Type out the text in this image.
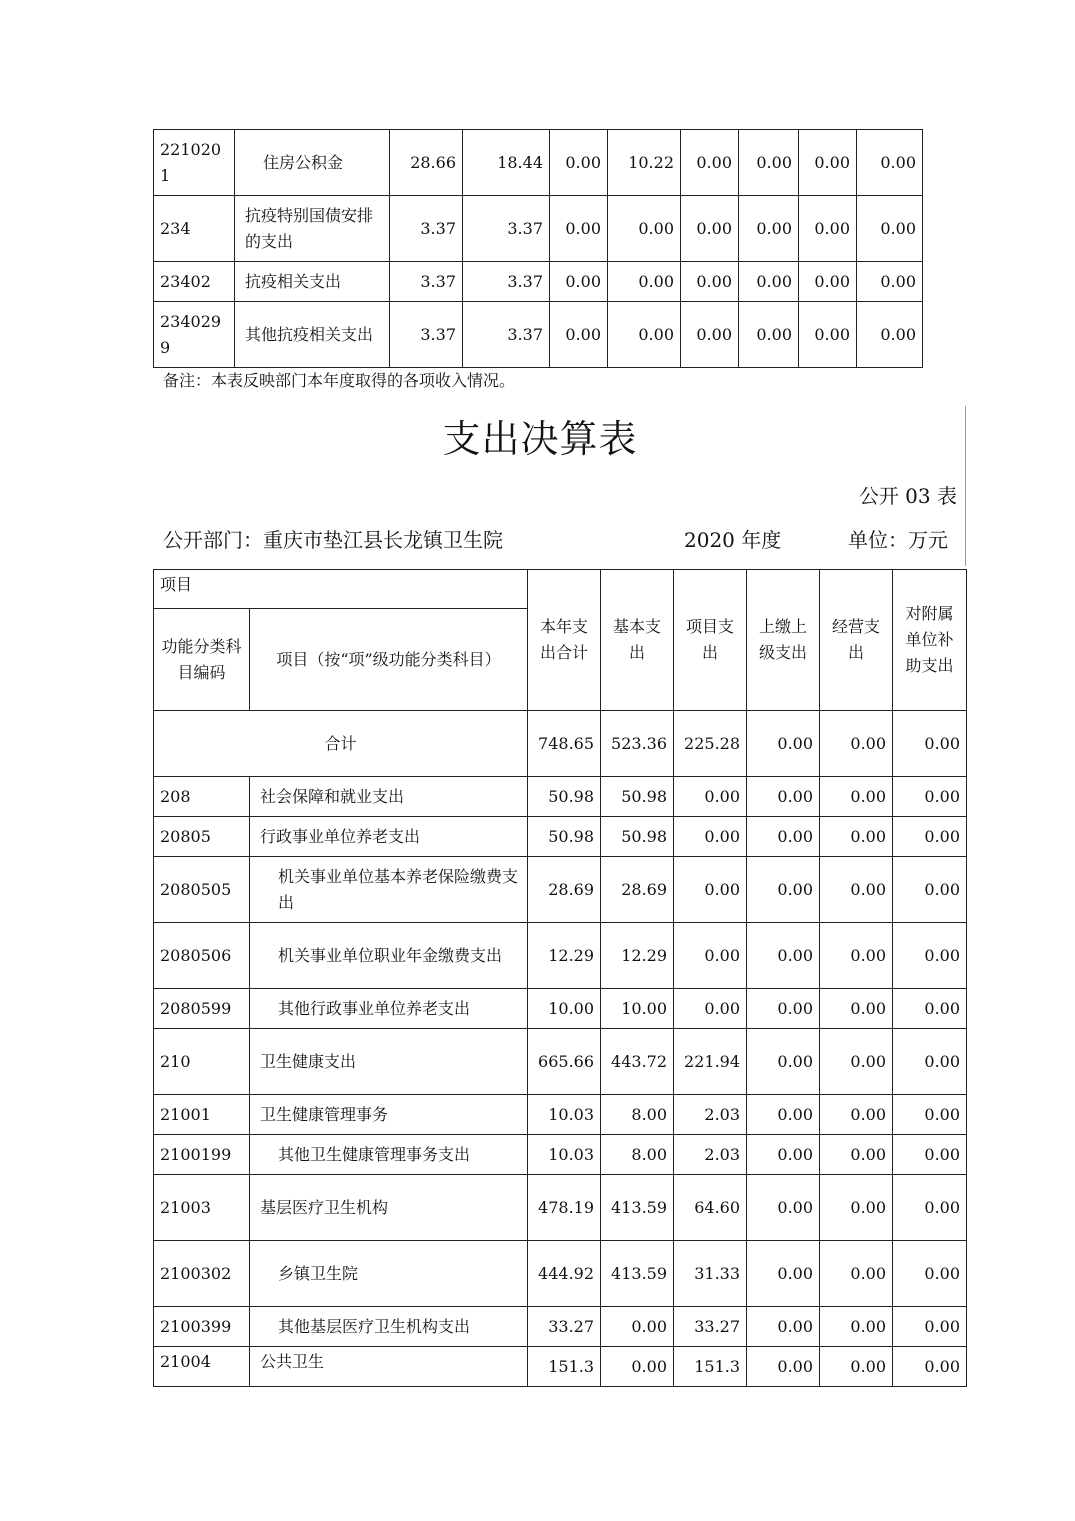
2210201	住房公积金	28.66	18.44	0.00	10.22	0.00	0.00	0.00	0.00
234	抗疫特别国债安排的支出	3.37	3.37	0.00	0.00	0.00	0.00	0.00	0.00
23402	抗疫相关支出	3.37	3.37	0.00	0.00	0.00	0.00	0.00	0.00
2340299	其他抗疫相关支出	3.37	3.37	0.00	0.00	0.00	0.00	0.00	0.00
备注：本表反映部门本年度取得的各项收入情况。
支出决算表
公开 03 表
公开部门：重庆市垫江县长龙镇卫生院	2020 年度	单位：万元
项目		本年支出合计	基本支出	项目支出	上缴上级支出	经营支出	对附属单位补助支出
功能分类科目编码	项目（按“项”级功能分类科目）						
合计		748.65	523.36	225.28	0.00	0.00	0.00
208	社会保障和就业支出	50.98	50.98	0.00	0.00	0.00	0.00
20805	行政事业单位养老支出	50.98	50.98	0.00	0.00	0.00	0.00
2080505	机关事业单位基本养老保险缴费支出	28.69	28.69	0.00	0.00	0.00	0.00
2080506	机关事业单位职业年金缴费支出	12.29	12.29	0.00	0.00	0.00	0.00
2080599	其他行政事业单位养老支出	10.00	10.00	0.00	0.00	0.00	0.00
210	卫生健康支出	665.66	443.72	221.94	0.00	0.00	0.00
21001	卫生健康管理事务	10.03	8.00	2.03	0.00	0.00	0.00
2100199	其他卫生健康管理事务支出	10.03	8.00	2.03	0.00	0.00	0.00
21003	基层医疗卫生机构	478.19	413.59	64.60	0.00	0.00	0.00
2100302	乡镇卫生院	444.92	413.59	31.33	0.00	0.00	0.00
2100399	其他基层医疗卫生机构支出	33.27	0.00	33.27	0.00	0.00	0.00
21004	公共卫生	151.3	0.00	151.3	0.00	0.00	0.00
